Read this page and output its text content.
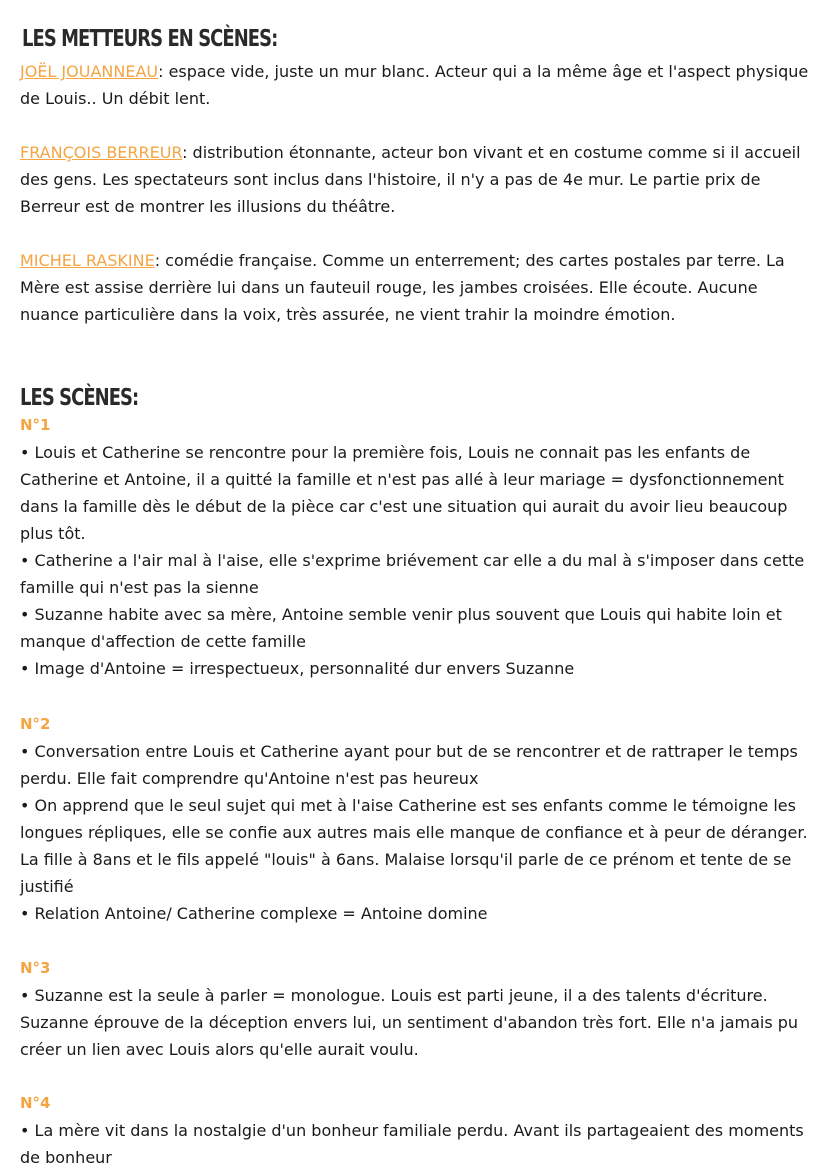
LES METTEURS EN SCÈNES:

JOËL JOUANNEAU: espace vide, juste un mur blanc. Acteur qui a la même âge et l'aspect physique de Louis.. Un débit lent.

FRANÇOIS BERREUR: distribution étonnante, acteur bon vivant et en costume comme si il accueil des gens. Les spectateurs sont inclus dans l'histoire, il n'y a pas de 4e mur. Le partie prix de Berreur est de montrer les illusions du théâtre.

MICHEL RASKINE: comédie française. Comme un enterrement; des cartes postales par terre. La Mère est assise derrière lui dans un fauteuil rouge, les jambes croisées. Elle écoute. Aucune nuance particulière dans la voix, très assurée, ne vient trahir la moindre émotion.

LES SCÈNES:
N°1
• Louis et Catherine se rencontre pour la première fois, Louis ne connait pas les enfants de Catherine et Antoine, il a quitté la famille et n'est pas allé à leur mariage = dysfonctionnement dans la famille dès le début de la pièce car c'est une situation qui aurait du avoir lieu beaucoup plus tôt.
• Catherine a l'air mal à l'aise, elle s'exprime briévement car elle a du mal à s'imposer dans cette famille qui n'est pas la sienne
• Suzanne habite avec sa mère, Antoine semble venir plus souvent que Louis qui habite loin et manque d'affection de cette famille
• Image d'Antoine = irrespectueux, personnalité dur envers Suzanne
N°2
• Conversation entre Louis et Catherine ayant pour but de se rencontrer et de rattraper le temps perdu. Elle fait comprendre qu'Antoine n'est pas heureux
• On apprend que le seul sujet qui met à l'aise Catherine est ses enfants comme le témoigne les longues répliques, elle se confie aux autres mais elle manque de confiance et à peur de déranger. La fille à 8ans et le fils appelé "louis" à 6ans. Malaise lorsqu'il parle de ce prénom et tente de se justifié
• Relation Antoine/ Catherine complexe = Antoine domine
N°3
• Suzanne est la seule à parler = monologue. Louis est parti jeune, il a des talents d'écriture. Suzanne éprouve de la déception envers lui, un sentiment d'abandon très fort. Elle n'a jamais pu créer un lien avec Louis alors qu'elle aurait voulu.
N°4
• La mère vit dans la nostalgie d'un bonheur familiale perdu. Avant ils partageaient des moments de bonheur
